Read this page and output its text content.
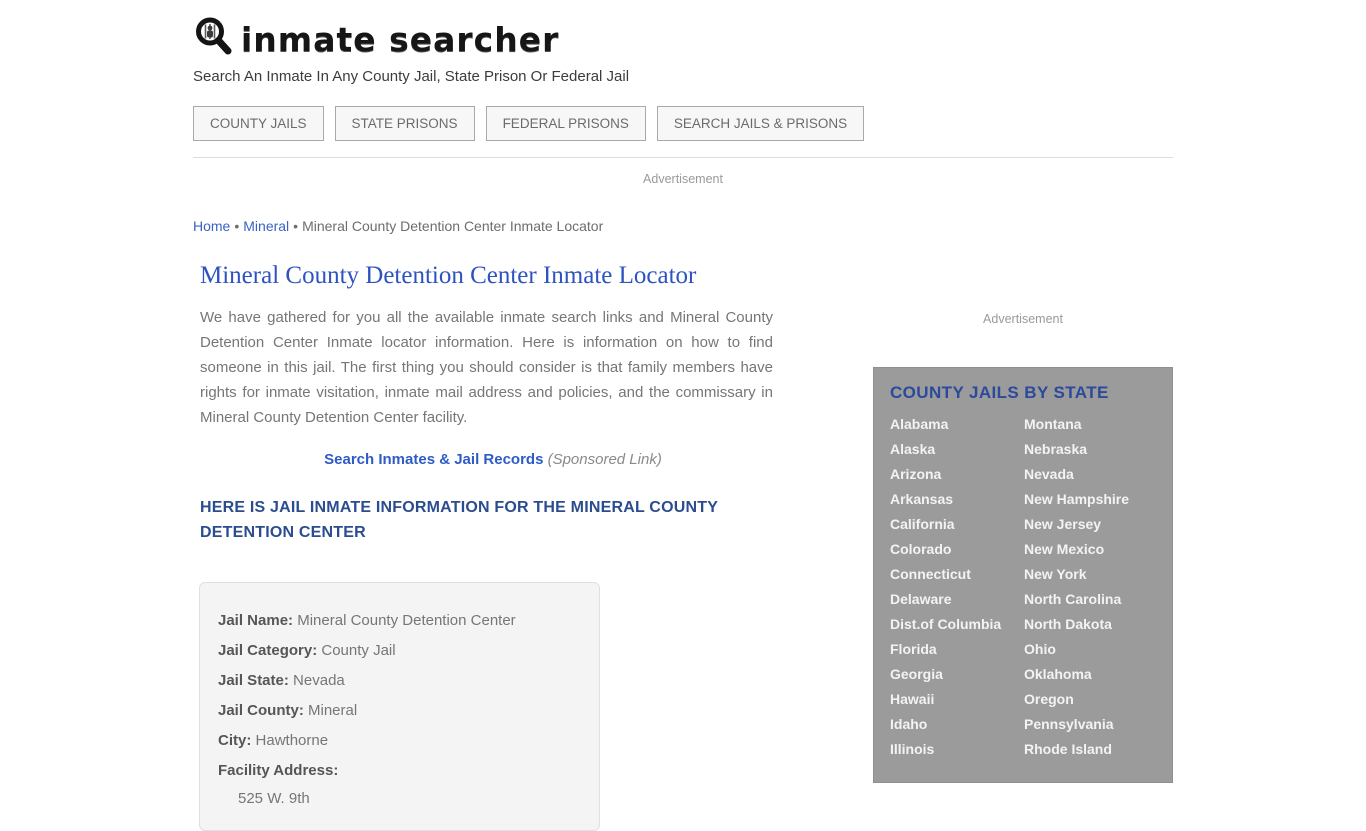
inmate searcher
Search An Inmate In Any County Jail, State Prison Or Federal Jail
COUNTY JAILS	STATE PRISONS	FEDERAL PRISONS	SEARCH JAILS & PRISONS
Advertisement
Home • Mineral • Mineral County Detention Center Inmate Locator
Mineral County Detention Center Inmate Locator

We have gathered for you all the available inmate search links and Mineral County Detention Center Inmate locator information. Here is information on how to find someone in this jail. The first thing you should consider is that family members have rights for inmate visitation, inmate mail address and policies, and the commissary in Mineral County Detention Center facility.

Search Inmates & Jail Records (Sponsored Link)
HERE IS JAIL INMATE INFORMATION FOR THE MINERAL COUNTY DETENTION CENTER
Jail Name: Mineral County Detention Center
Jail Category: County Jail
Jail State: Nevada
Jail County: Mineral
City: Hawthorne
Facility Address:
525 W. 9th
Advertisement
COUNTY JAILS BY STATE
Alabama
Alaska
Arizona
Arkansas
California
Colorado
Connecticut
Delaware
Dist.of Columbia
Florida
Georgia
Hawaii
Idaho
Illinois
Montana
Nebraska
Nevada
New Hampshire
New Jersey
New Mexico
New York
North Carolina
North Dakota
Ohio
Oklahoma
Oregon
Pennsylvania
Rhode Island
